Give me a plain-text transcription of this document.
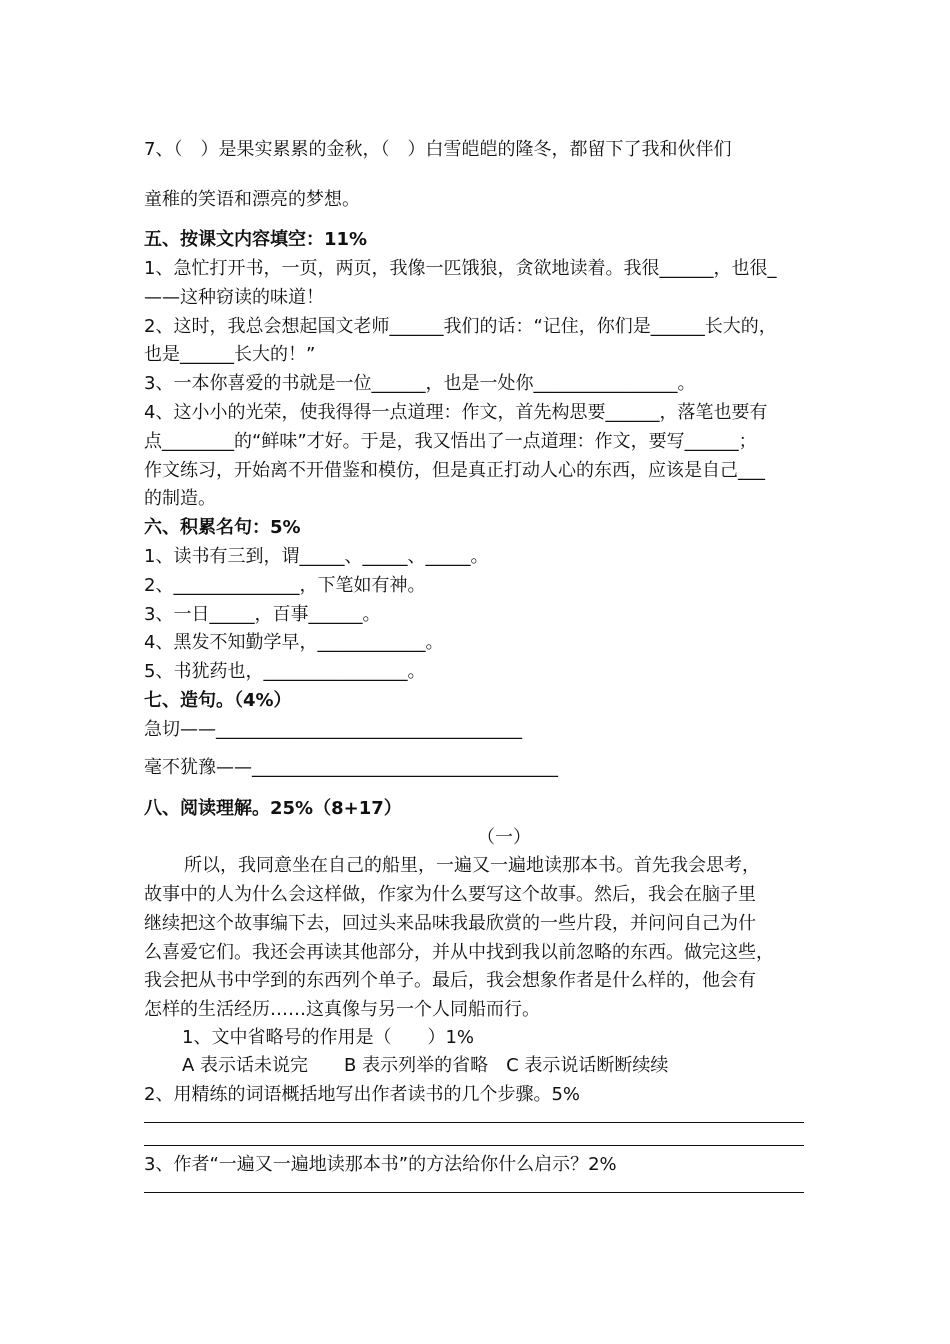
7、（　）是果实累累的金秋，（　）白雪皑皑的隆冬，都留下了我和伙伴们
童稚的笑语和漂亮的梦想。
五、按课文内容填空：11%
1、急忙打开书，一页，两页，我像一匹饿狼，贪欲地读着。我很______，也很_
——这种窃读的味道！
2、这时，我总会想起国文老师______我们的话：“记住，你们是______长大的，
也是______长大的！”
3、一本你喜爱的书就是一位______，也是一处你________________。
4、这小小的光荣，使我得得一点道理：作文，首先构思要______，落笔也要有
点________的“鲜味”才好。于是，我又悟出了一点道理：作文，要写______；
作文练习，开始离不开借鉴和模仿，但是真正打动人心的东西，应该是自己___
的制造。
六、积累名句：5%
1、读书有三到，谓_____、_____、_____。
2、______________，下笔如有神。
3、一日_____，百事______。
4、黑发不知勤学早，____________。
5、书犹药也，________________。
七、造句。（4%）
急切——__________________________________
毫不犹豫——__________________________________
八、阅读理解。25%（8+17）
（一）
所以，我同意坐在自己的船里，一遍又一遍地读那本书。首先我会思考，
故事中的人为什么会这样做，作家为什么要写这个故事。然后，我会在脑子里
继续把这个故事编下去，回过头来品味我最欣赏的一些片段，并问问自己为什
么喜爱它们。我还会再读其他部分，并从中找到我以前忽略的东西。做完这些，
我会把从书中学到的东西列个单子。最后，我会想象作者是什么样的，他会有
怎样的生活经历……这真像与另一个人同船而行。
1、文中省略号的作用是（　　）1%
A 表示话未说完　　B 表示列举的省略　C 表示说话断断续续
2、用精练的词语概括地写出作者读书的几个步骤。5%
3、作者“一遍又一遍地读那本书”的方法给你什么启示？2%
